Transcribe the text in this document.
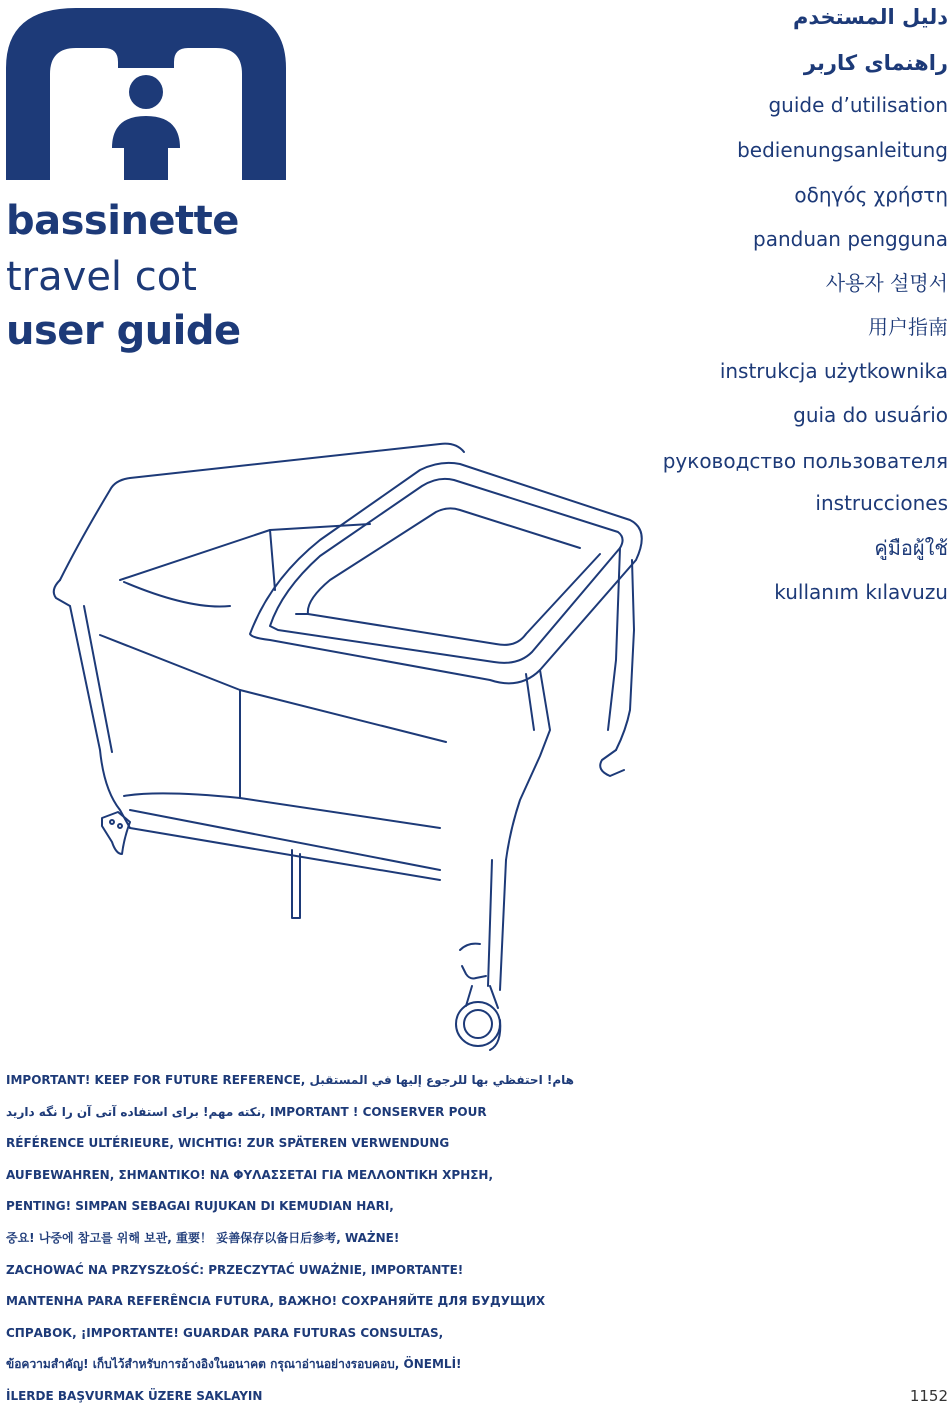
bassinette

travel cot

user guide

دليل المستخدم
راهنمای کاربر
guide d’utilisation
bedienungsanleitung
οδηγός χρήστη
panduan pengguna
사용자 설명서
用户指南
instrukcja użytkownika
guia do usuário
руководство пользователя
instrucciones
คู่มือผู้ใช้
kullanım kılavuzu
IMPORTANT! KEEP FOR FUTURE REFERENCE, هام! احتفظي بها للرجوع إليها في المستقبل
نکته مهم! برای استفاده آتی آن را نگه دارید, IMPORTANT ! CONSERVER POUR
RÉFÉRENCE ULTÉRIEURE, WICHTIG! ZUR SPÄTEREN VERWENDUNG
AUFBEWAHREN, ΣΗΜΑΝΤΙΚΟ! ΝΑ ΦΥΛΑΣΣΕΤΑΙ ΓΙΑ ΜΕΛΛΟΝΤΙΚΗ ΧΡΗΣΗ,
PENTING! SIMPAN SEBAGAI RUJUKAN DI KEMUDIAN HARI,
중요! 나중에 참고를 위해 보관, 重要！ 妥善保存以备日后参考, WAŻNE!
ZACHOWAĆ NA PRZYSZŁOŚĆ: PRZECZYTAĆ UWAŻNIE, IMPORTANTE!
MANTENHA PARA REFERÊNCIA FUTURA, ВАЖНО! СОХРАНЯЙТЕ ДЛЯ БУДУЩИХ
СПРАВОК, ¡IMPORTANTE! GUARDAR PARA FUTURAS CONSULTAS,
ข้อความสำคัญ! เก็บไว้สำหรับการอ้างอิงในอนาคต กรุณาอ่านอย่างรอบคอบ, ÖNEMLİ!
İLERDE BAŞVURMAK ÜZERE SAKLAYIN	1152
